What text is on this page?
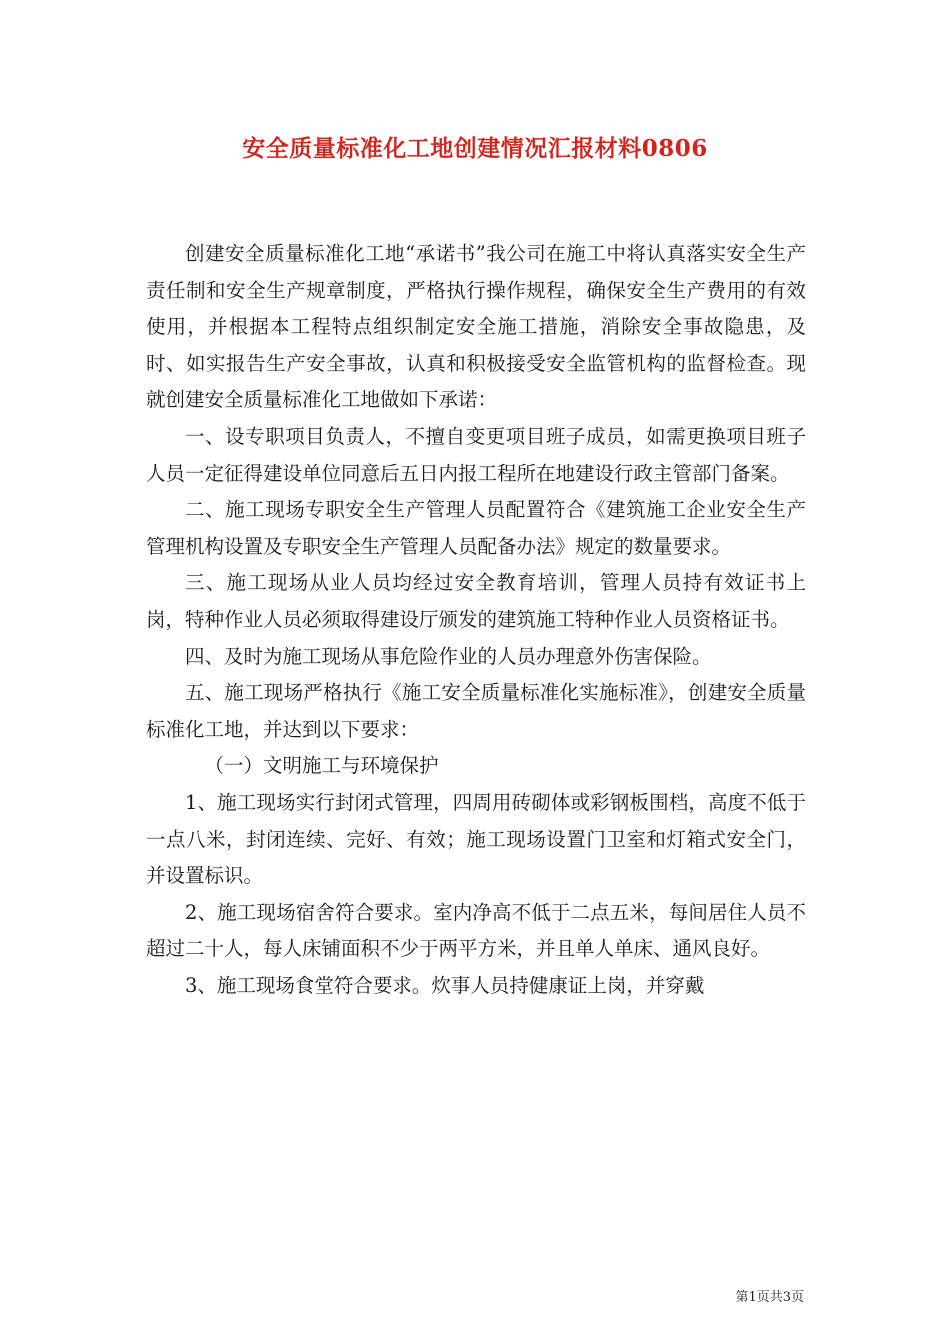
安全质量标准化工地创建情况汇报材料0806

创建安全质量标准化工地“承诺书”我公司在施工中将认真落实安全生产责任制和安全生产规章制度，严格执行操作规程，确保安全生产费用的有效使用，并根据本工程特点组织制定安全施工措施，消除安全事故隐患，及时、如实报告生产安全事故，认真和积极接受安全监管机构的监督检查。现就创建安全质量标准化工地做如下承诺：

一、设专职项目负责人，不擅自变更项目班子成员，如需更换项目班子人员一定征得建设单位同意后五日内报工程所在地建设行政主管部门备案。

二、施工现场专职安全生产管理人员配置符合《建筑施工企业安全生产管理机构设置及专职安全生产管理人员配备办法》规定的数量要求。

三、施工现场从业人员均经过安全教育培训，管理人员持有效证书上岗，特种作业人员必须取得建设厅颁发的建筑施工特种作业人员资格证书。

四、及时为施工现场从事危险作业的人员办理意外伤害保险。

五、施工现场严格执行《施工安全质量标准化实施标准》，创建安全质量标准化工地，并达到以下要求：

（一）文明施工与环境保护

1、施工现场实行封闭式管理，四周用砖砌体或彩钢板围档，高度不低于一点八米，封闭连续、完好、有效；施工现场设置门卫室和灯箱式安全门，并设置标识。

2、施工现场宿舍符合要求。室内净高不低于二点五米，每间居住人员不超过二十人，每人床铺面积不少于两平方米，并且单人单床、通风良好。

3、施工现场食堂符合要求。炊事人员持健康证上岗，并穿戴

第1页共3页
